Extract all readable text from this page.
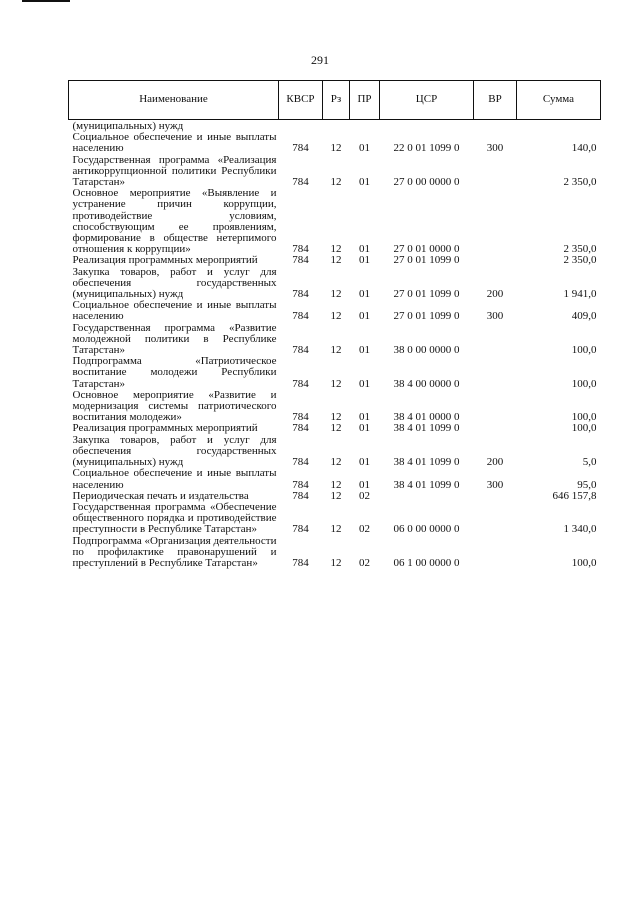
291
Наименование	КВСР	Рз	ПР	ЦСР	ВР	Сумма
(муниципальных) нужд						
Социальное обеспечение и иные выплаты населению	784	12	01	22 0 01 1099 0	300	140,0
Государственная программа «Реализация антикоррупционной политики Республики Татарстан»	784	12	01	27 0 00 0000 0		2 350,0
Основное мероприятие «Выявление и устранение причин коррупции, противодействие условиям, способствующим ее проявлениям, формирование в обществе нетерпимого отношения к коррупции»	784	12	01	27 0 01 0000 0		2 350,0
Реализация программных мероприятий	784	12	01	27 0 01 1099 0		2 350,0
Закупка товаров, работ и услуг для обеспечения государственных (муниципальных) нужд	784	12	01	27 0 01 1099 0	200	1 941,0
Социальное обеспечение и иные выплаты населению	784	12	01	27 0 01 1099 0	300	409,0
Государственная программа «Развитие молодежной политики в Республике Татарстан»	784	12	01	38 0 00 0000 0		100,0
Подпрограмма «Патриотическое воспитание молодежи Республики Татарстан»	784	12	01	38 4 00 0000 0		100,0
Основное мероприятие «Развитие и модернизация системы патриотического воспитания молодежи»	784	12	01	38 4 01 0000 0		100,0
Реализация программных мероприятий	784	12	01	38 4 01 1099 0		100,0
Закупка товаров, работ и услуг для обеспечения государственных (муниципальных) нужд	784	12	01	38 4 01 1099 0	200	5,0
Социальное обеспечение и иные выплаты населению	784	12	01	38 4 01 1099 0	300	95,0
Периодическая печать и издательства	784	12	02			646 157,8
Государственная программа «Обеспечение общественного порядка и противодействие преступности в Республике Татарстан»	784	12	02	06 0 00 0000 0		1 340,0
Подпрограмма «Организация деятельности по профилактике правонарушений и преступлений в Республике Татарстан»	784	12	02	06 1 00 0000 0		100,0
